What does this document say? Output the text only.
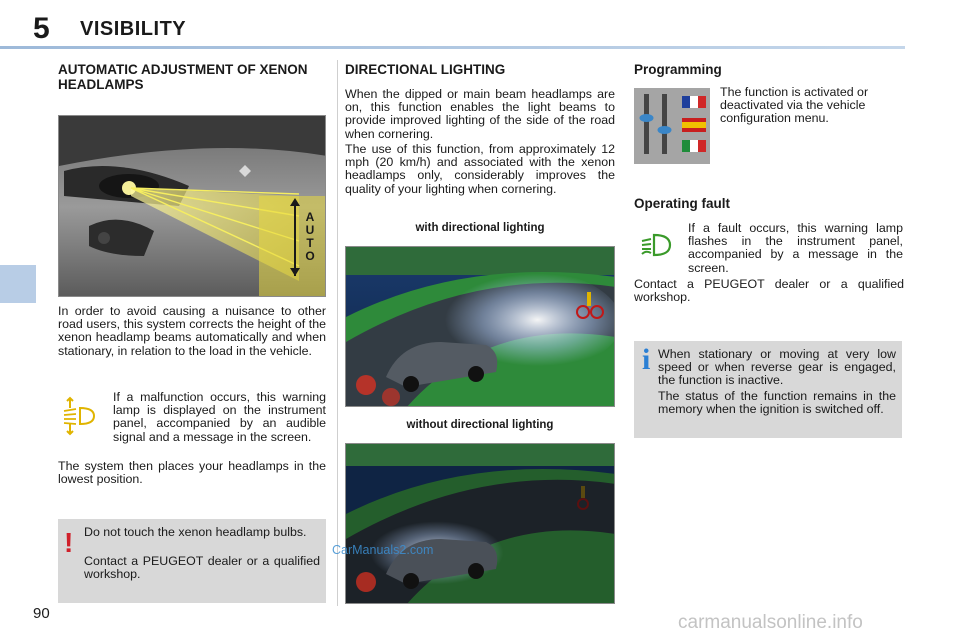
5 VISIBILITY
AUTOMATIC ADJUSTMENT OF XENON HEADLAMPS
AUTO

In order to avoid causing a nuisance to other road users, this system corrects the height of the xenon headlamp beams automatically and when stationary, in relation to the load in the vehicle.

If a malfunction occurs, this warning lamp is displayed on the instrument panel, accompanied by an audible signal and a message in the screen.

The system then places your headlamps in the lowest position.

! Do not touch the xenon headlamp bulbs.

Contact a PEUGEOT dealer or a qualified workshop.

DIRECTIONAL LIGHTING

When the dipped or main beam headlamps are on, this function enables the light beams to provide improved lighting of the side of the road when cornering.

The use of this function, from approximately 12 mph (20 km/h) and associated with the xenon headlamps only, considerably improves the quality of your lighting when cornering.

with directional lighting
without directional lighting
Programming

The function is activated or deactivated via the vehicle configuration menu.

Operating fault

If a fault occurs, this warning lamp flashes in the instrument panel, accompanied by a message in the screen.

Contact a PEUGEOT dealer or a qualified workshop.

i When stationary or moving at very low speed or when reverse gear is engaged, the function is inactive.

The status of the function remains in the memory when the ignition is switched off.

90
CarManuals2.com
carmanualsonline.info
